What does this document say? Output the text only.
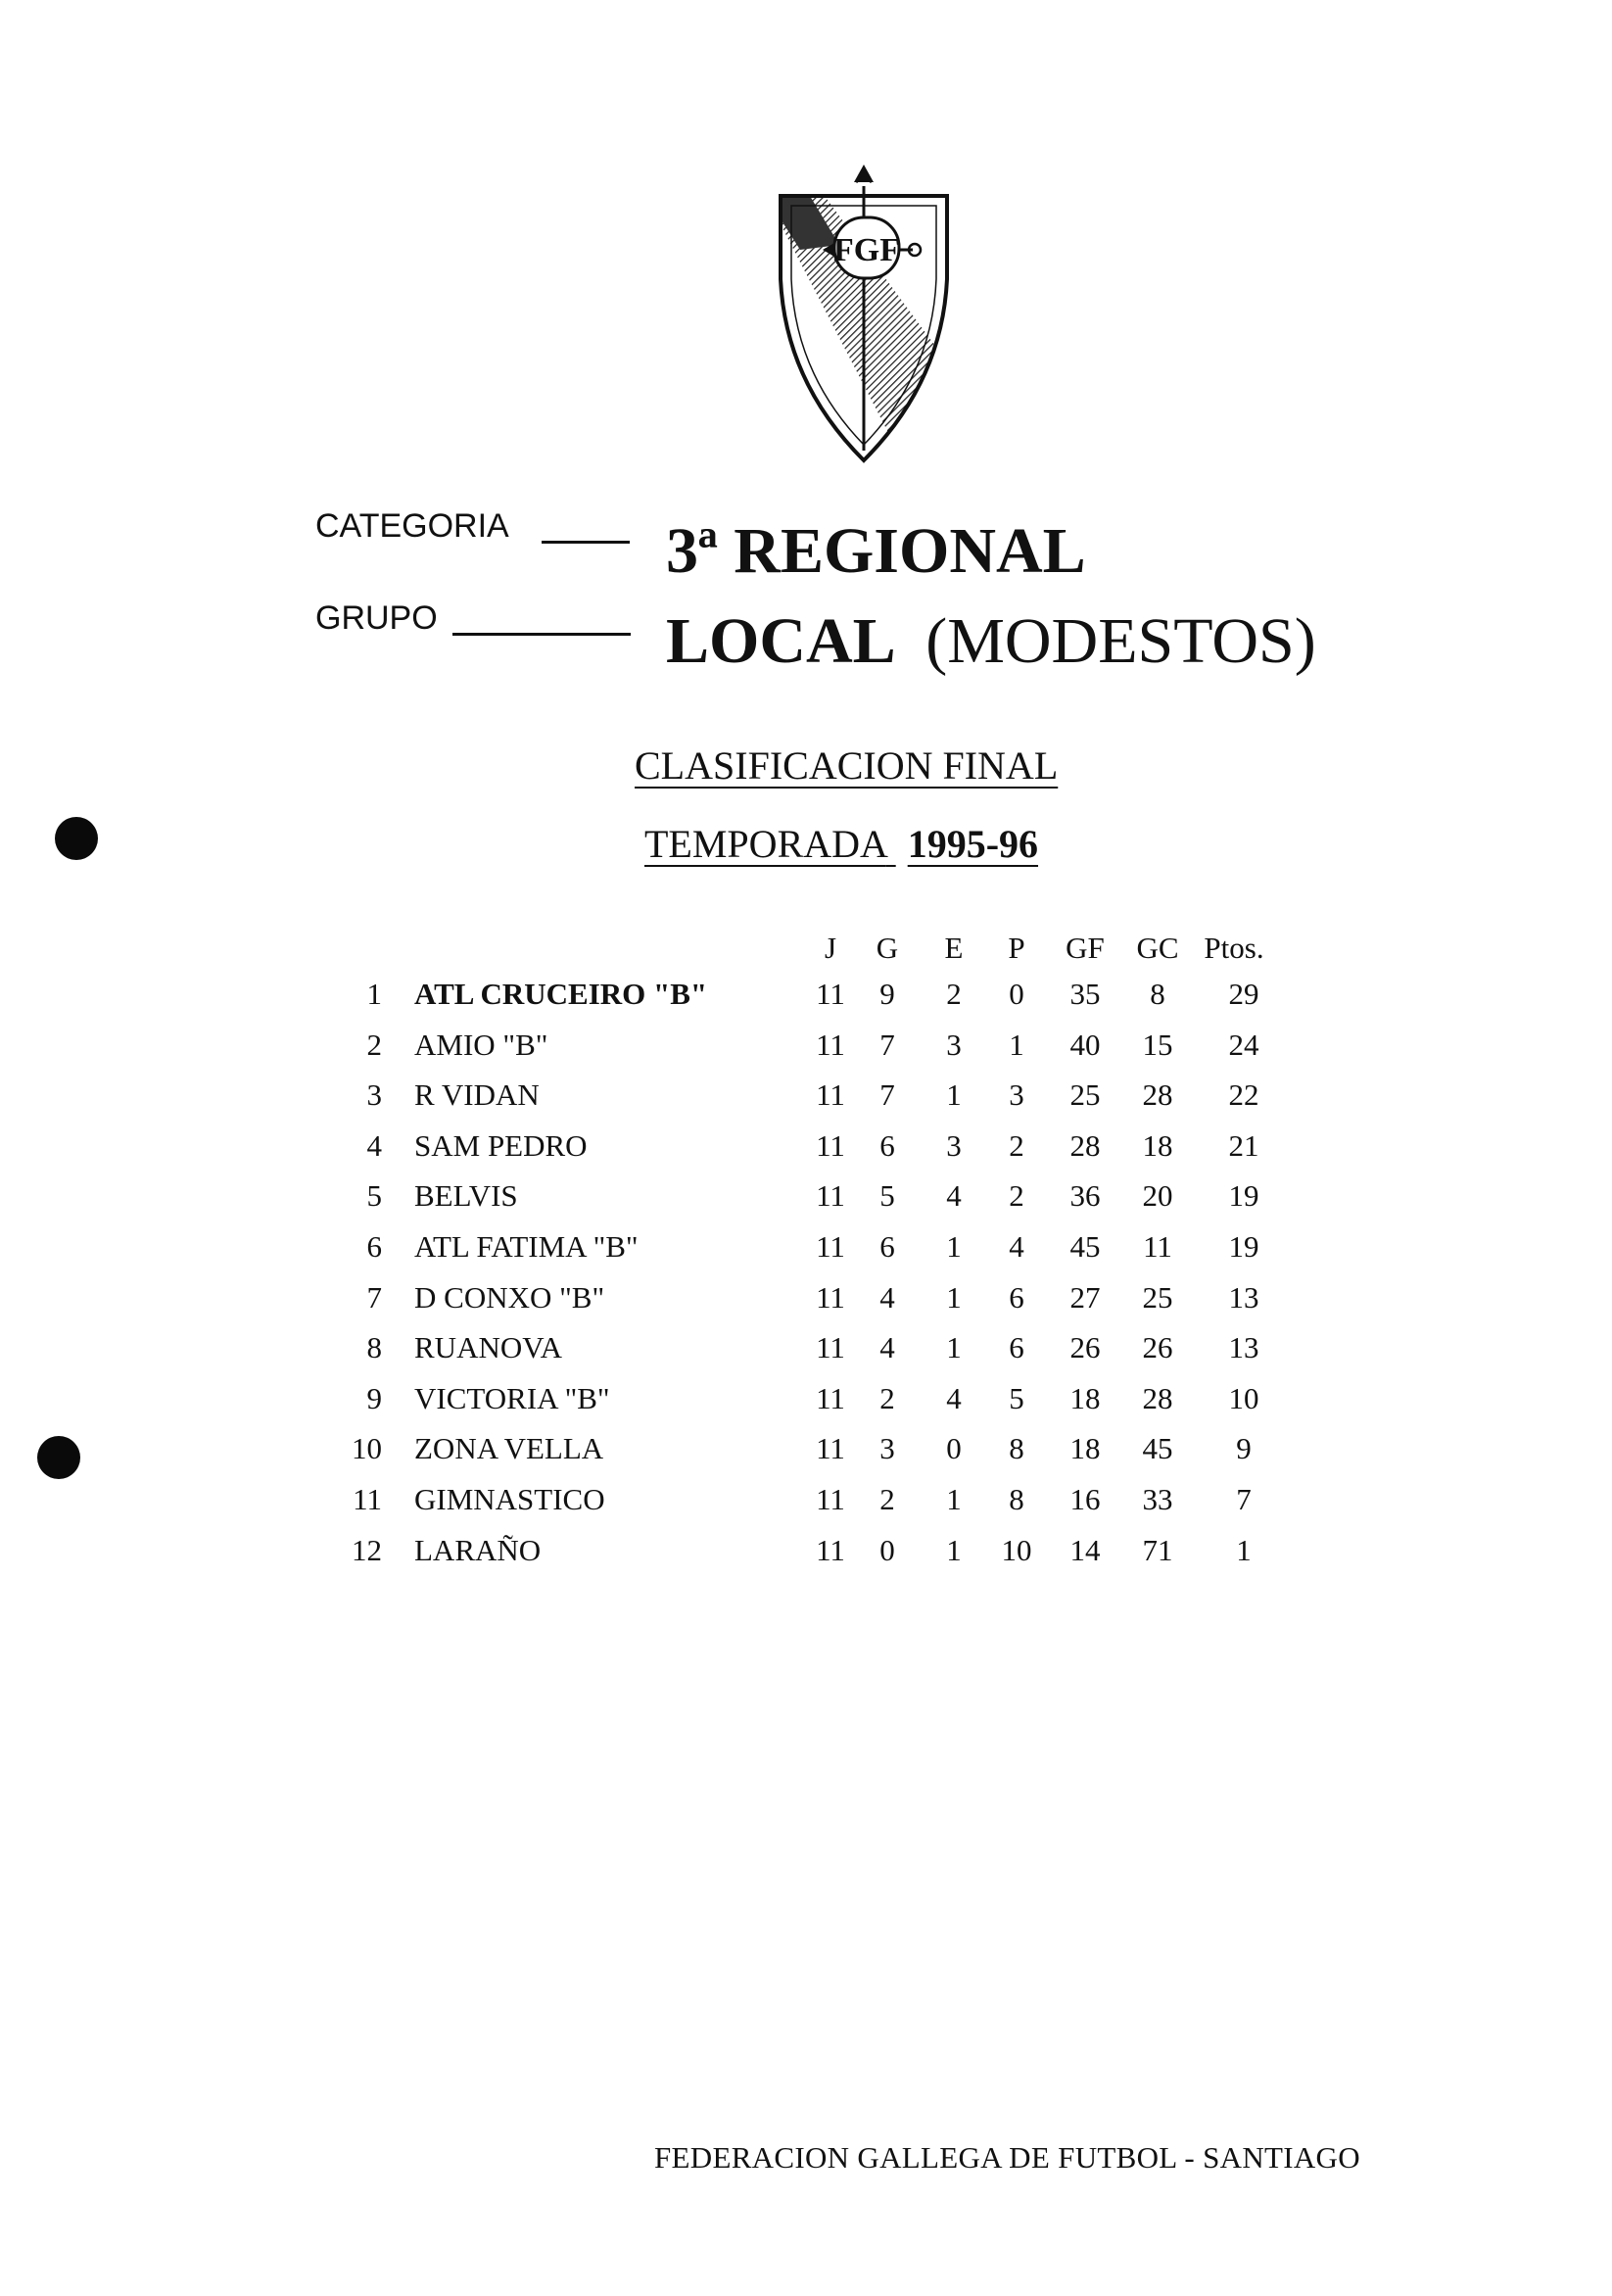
FGF
CATEGORIA 3ª REGIONAL
GRUPO	LOCAL (MODESTOS)
CLASIFICACION FINAL
TEMPORADA 1995-96
J	G	E	P	GF	GC Ptos.
1 ATL CRUCEIRO "B"	11	9	2	0	35	8	29
2 AMIO "B"	11	7	3	1	40	15	24
3 R VIDAN	11	7	1	3	25	28	22
4 SAM PEDRO	11	6	3	2	28	18	21
5 BELVIS	11	5	4	2	36	20	19
6 ATL FATIMA "B"	11	6	1	4	45	11	19
7 D CONXO "B"	11	4	1	6	27	25	13
8 RUANOVA	11	4	1	6	26	26	13
9 VICTORIA "B"	11	2	4	5	18	28	10
10 ZONA VELLA	11	3	0	8	18	45	9
11 GIMNASTICO	11	2	1	8	16	33	7
12 LARAÑO	11	0	1	10	14	71	1
FEDERACION GALLEGA DE FUTBOL - SANTIAGO
